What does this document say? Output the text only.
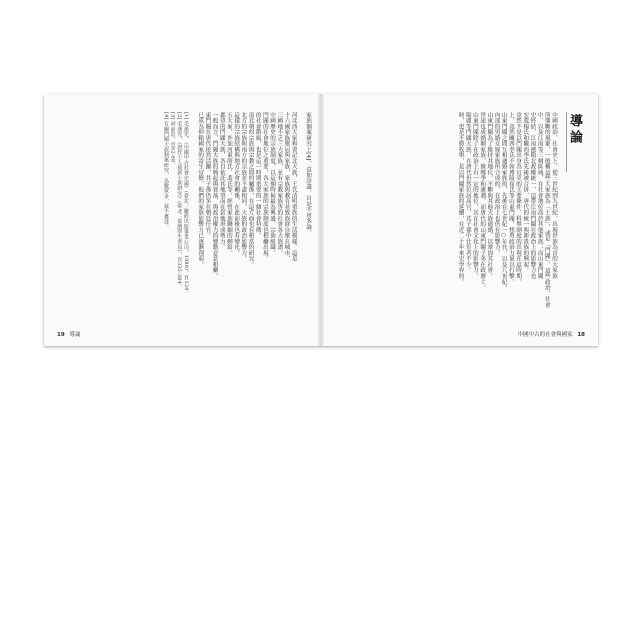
家族個案研究上[4]，益加詳盡，自是不用多論。
河北西大家和書記北大族，王氏清明重族的生活模樣。這是
十六國家族聚居與家族、家族與教育並致族群自聚在城市，
三國地不乏三大家族，並有宗教家族等的社會各大族譜。
中國歷史的宗族制度，以這個時候最為興盛，宗族組織。
門閥的社會地位之重要，各大家族的宗族制度也相繼出現。
的社會階級，也是這一時期重要的一個社會特徵。
南北朝的宗族與宗教之間的關係，在這方面也有相當的研究。
北方的宗族與南方的宗族並不盡相同，大族的政治影響力。
這樣的宗族結構與地方社會的關係，在此前後也有變化。
五大家，外加河東薛氏、裴氏等，經營家族聯姻的網絡。
郡望的門閥大族，各自依託其地望而在當地形成勢力。
一般而言，門閥大族的興起與衰落，與政治權力的變動息息相關。
東門閥在唐代依然活躍，其子孫仍多在朝廷任官。
已成為仰賴國家的寄生官僚，他們的家族影響力已逐漸削弱。
[1] 毛漢光，《中國中古社會史論》(臺北：聯經出版事業公司，1988)，頁124。
[2] 毛漢光，《唐代士人與新士族研究》(臺北：臺灣學生書局)，頁335-384。
[3] 同前註，頁62-68。
[4] 有關門閥大族個案研究，為數眾多，茲不贅述。
19 導論
導論
中國政治、社會史上，從三世紀到九世紀，出現世族為首的大家族
所壟斷的現象，一般稱這些大家族為「士族」，或是「門閥」，這些政治、社會
中，以及江南等三個區域，在社會地位高於其他家族；而山東門閥
史終結，江南被隋北政權統一，這帶江南門閥在政治上的影響力也
宏農楊氏和隴西李氏先後被合併，唐代的統一與新貴族的興起。
竟然不是以門閥出身為官吏的主要條件，科舉制度的出現在這時期。
上，竟然關西李氏不如博陵崔氏等山東門閥，想用政治力量以打擊。
山東門閥之間互相通婚家族的，先後在七世紀一○年代，以及八世紀。
內部的男婚女嫁家族所合成的，在政治上也仍有影響力。
山東門閥為了維持其地位，不斷與其他大族通婚，以鞏固其社會。
世途也成婚姻家族，像鄭季和盧潤，而唐代的山東門閥子弟在政壇上。
山東門閥除了在政治上有一定的地位，其在社會文化上的影響力。
陽盧等門閥大族，在唐代仍然位居高官，其子孫中仕宦者不少。
時，更是不勝枚舉，是以門閥家族的延續，在近二十年來史學界的。
中國中古的社會與國家 18
